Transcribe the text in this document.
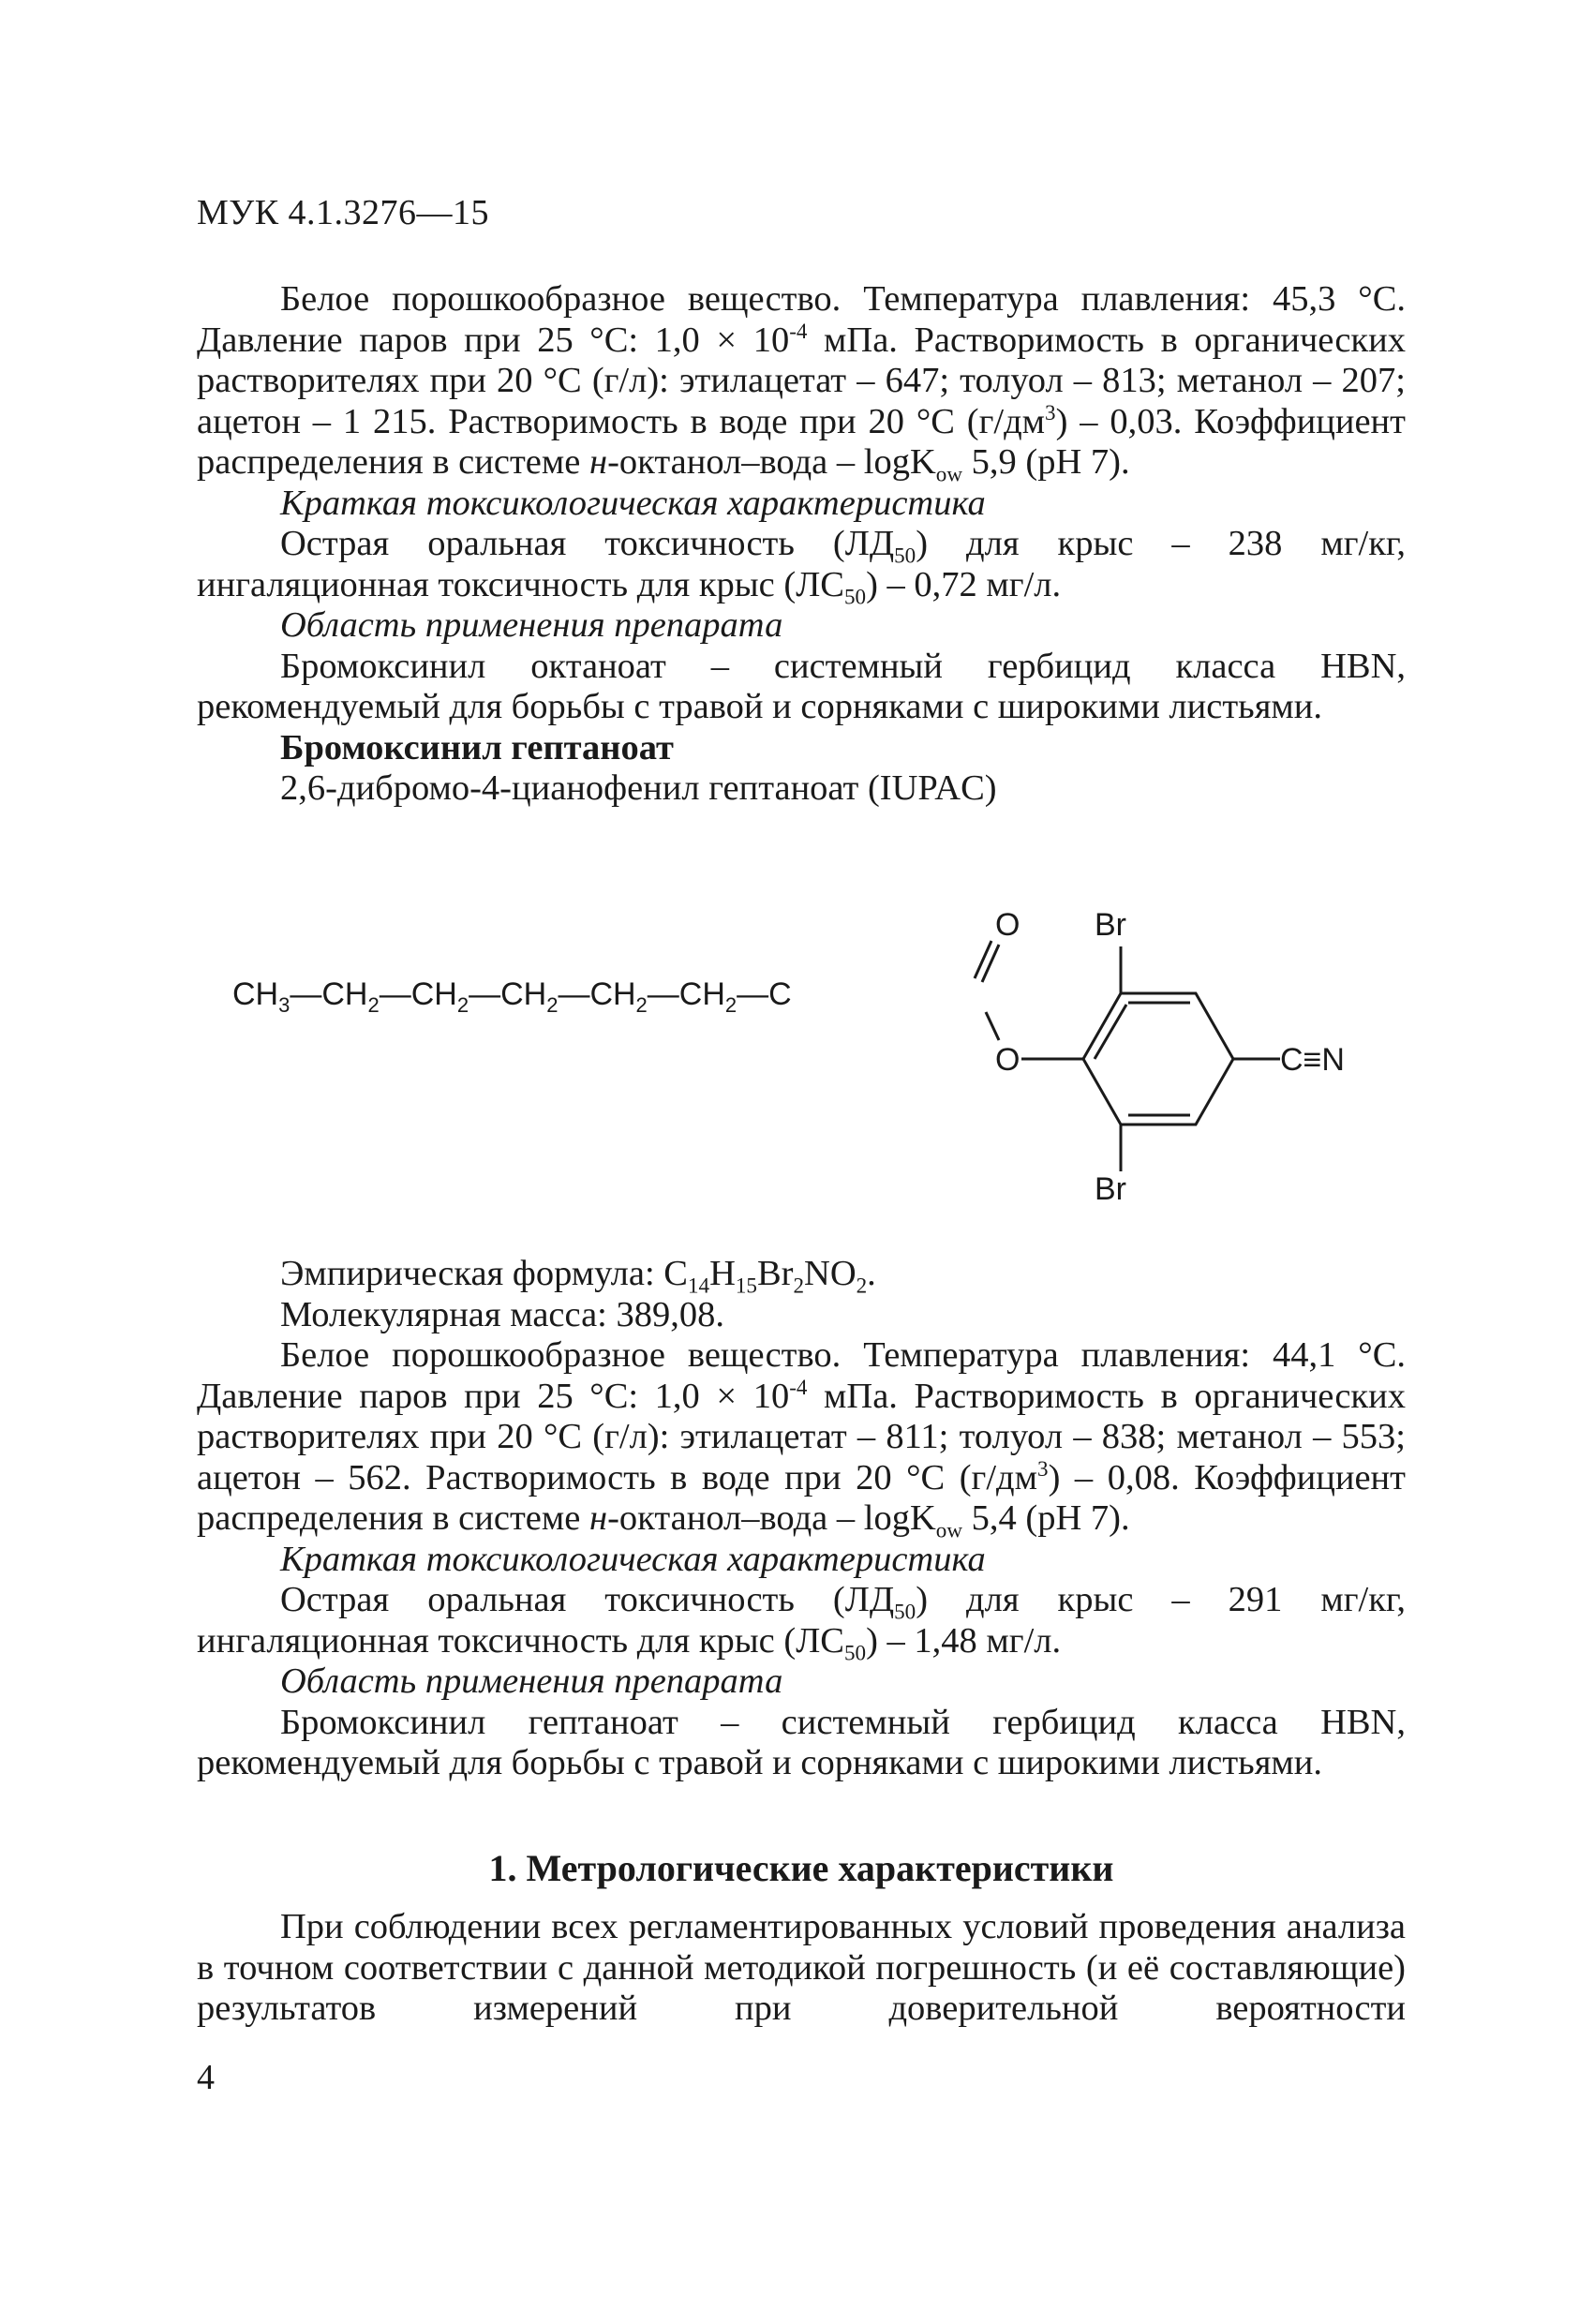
МУК 4.1.3276—15

Белое порошкообразное вещество. Температура плавления: 45,3 °С. Давление паров при 25 °С: $1,0 \times 10^{-4}$ мПа. Растворимость в органических растворителях при 20 °С (г/л): этилацетат – 647; толуол – 813; метанол – 207; ацетон – 1 215. Растворимость в воде при 20 °С $(г/дм^3) - 0,03$. Коэффициент распределения в системе н-октанол–вода – logK$_{ow}$ 5,9 (pH 7).

Краткая токсикологическая характеристика

Острая оральная токсичность $(ЛД_{50})$ для крыс – 238 мг/кг, ингаляционная токсичность для крыс $(ЛС_{50}) - 0,72$ мг/л.

Область применения препарата

Бромоксинил октаноат – системный гербицид класса HBN, рекомендуемый для борьбы с травой и сорняками с широкими листьями.

Бромоксинил гептаноат

2,6-дибромо-4-цианофенил гептаноат (IUPAC)

$CH_3—CH_2—CH_2—CH_2—CH_2—CH_2—C$
O
O
Br
Br
C≡N

Эмпирическая формула: $C_{14}H_{15}Br_2NO_2$.

Молекулярная масса: 389,08.

Белое порошкообразное вещество. Температура плавления: 44,1 °С. Давление паров при 25 °С: $1,0 \times 10^{-4}$ мПа. Растворимость в органических растворителях при 20 °С (г/л): этилацетат – 811; толуол – 838; метанол – 553; ацетон – 562. Растворимость в воде при 20 °С $(г/дм^3) - 0,08$. Коэффициент распределения в системе н-октанол–вода – logK$_{ow}$ 5,4 (pH 7).

Краткая токсикологическая характеристика

Острая оральная токсичность $(ЛД_{50})$ для крыс – 291 мг/кг, ингаляционная токсичность для крыс $(ЛС_{50}) - 1,48$ мг/л.

Область применения препарата

Бромоксинил гептаноат – системный гербицид класса HBN, рекомендуемый для борьбы с травой и сорняками с широкими листьями.

1. Метрологические характеристики

При соблюдении всех регламентированных условий проведения анализа в точном соответствии с данной методикой погрешность (и её составляющие) результатов измерений при доверительной вероятности

4
